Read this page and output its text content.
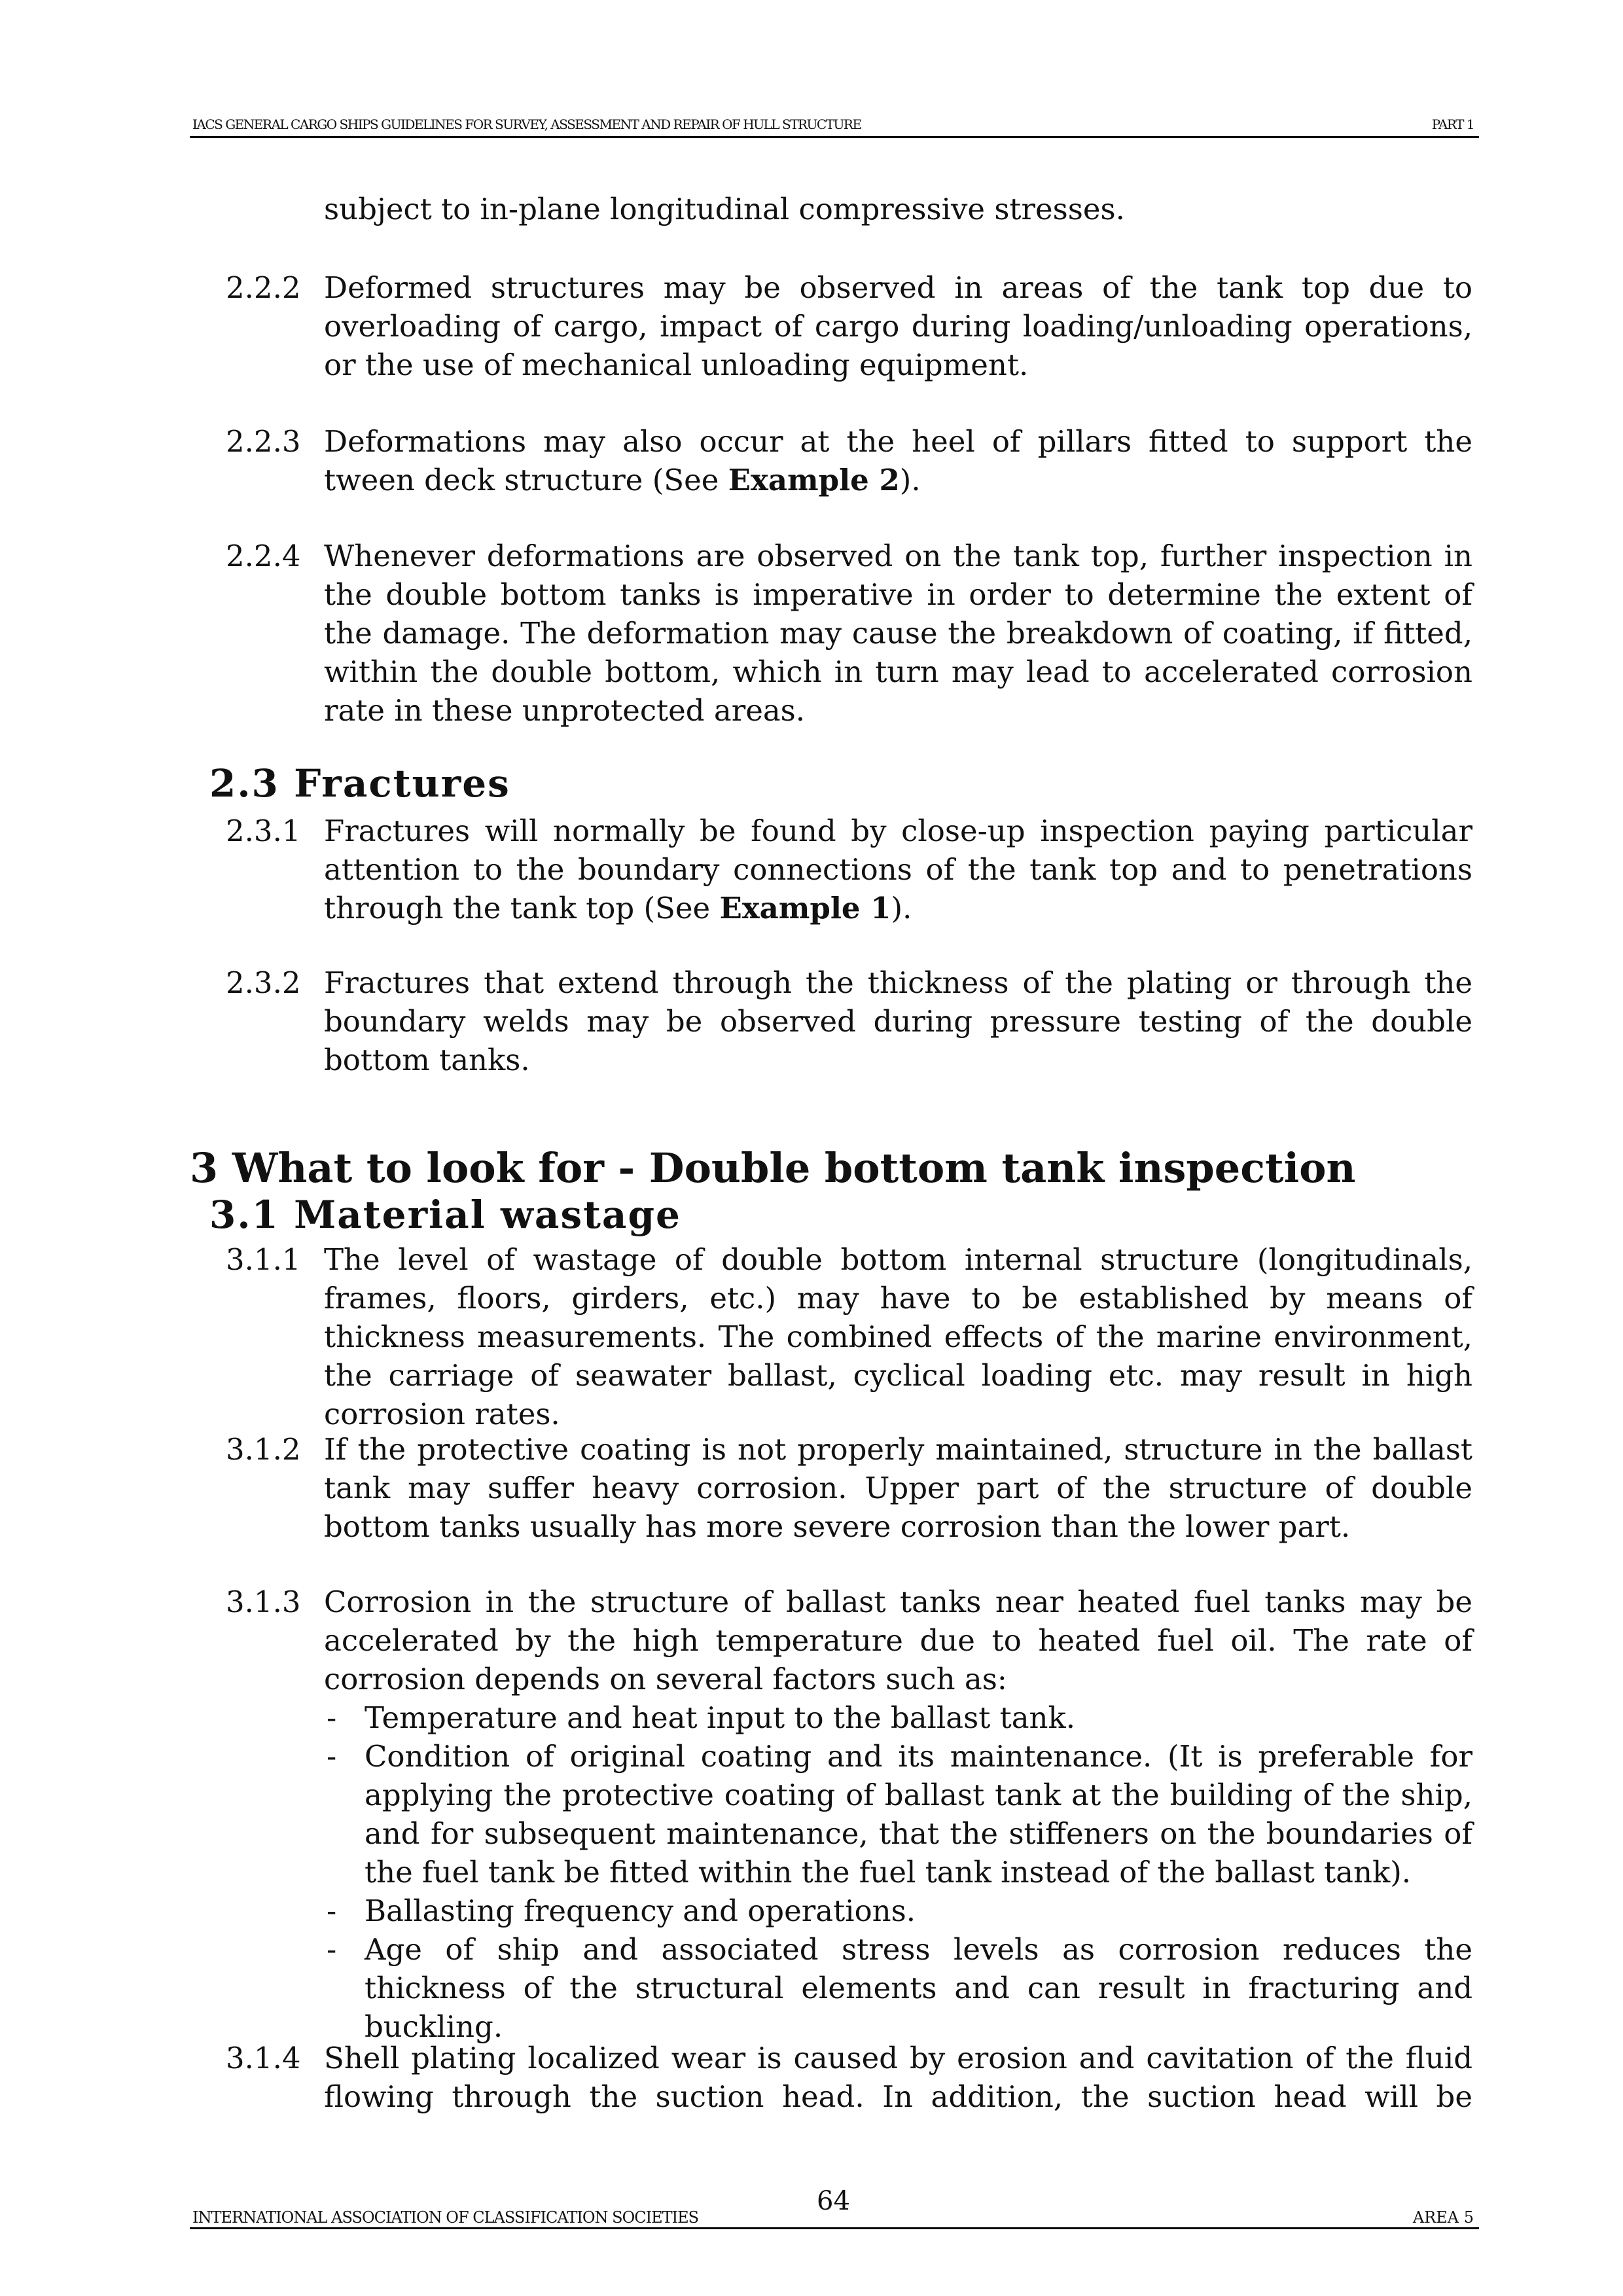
IACS GENERAL CARGO SHIPS GUIDELINES FOR SURVEY, ASSESSMENT AND REPAIR OF HULL STRUCTURE	PART 1
subject to in-plane longitudinal compressive stresses.
2.2.2 Deformed structures may be observed in areas of the tank top due to overloading of cargo, impact of cargo during loading/unloading operations, or the use of mechanical unloading equipment.
2.2.3 Deformations may also occur at the heel of pillars fitted to support the tween deck structure (See Example 2).
2.2.4 Whenever deformations are observed on the tank top, further inspection in the double bottom tanks is imperative in order to determine the extent of the damage. The deformation may cause the breakdown of coating, if fitted, within the double bottom, which in turn may lead to accelerated corrosion rate in these unprotected areas.
2.3 Fractures
2.3.1 Fractures will normally be found by close-up inspection paying particular attention to the boundary connections of the tank top and to penetrations through the tank top (See Example 1).
2.3.2 Fractures that extend through the thickness of the plating or through the boundary welds may be observed during pressure testing of the double bottom tanks.
3 What to look for - Double bottom tank inspection
3.1 Material wastage
3.1.1 The level of wastage of double bottom internal structure (longitudinals, frames, floors, girders, etc.) may have to be established by means of thickness measurements. The combined effects of the marine environment, the carriage of seawater ballast, cyclical loading etc. may result in high corrosion rates.
3.1.2 If the protective coating is not properly maintained, structure in the ballast tank may suffer heavy corrosion. Upper part of the structure of double bottom tanks usually has more severe corrosion than the lower part.
3.1.3 Corrosion in the structure of ballast tanks near heated fuel tanks may be accelerated by the high temperature due to heated fuel oil. The rate of corrosion depends on several factors such as:
- Temperature and heat input to the ballast tank.
- Condition of original coating and its maintenance. (It is preferable for applying the protective coating of ballast tank at the building of the ship, and for subsequent maintenance, that the stiffeners on the boundaries of the fuel tank be fitted within the fuel tank instead of the ballast tank).
- Ballasting frequency and operations.
- Age of ship and associated stress levels as corrosion reduces the thickness of the structural elements and can result in fracturing and buckling.
3.1.4 Shell plating localized wear is caused by erosion and cavitation of the fluid flowing through the suction head. In addition, the suction head will be
INTERNATIONAL ASSOCIATION OF CLASSIFICATION SOCIETIES
64
AREA 5
